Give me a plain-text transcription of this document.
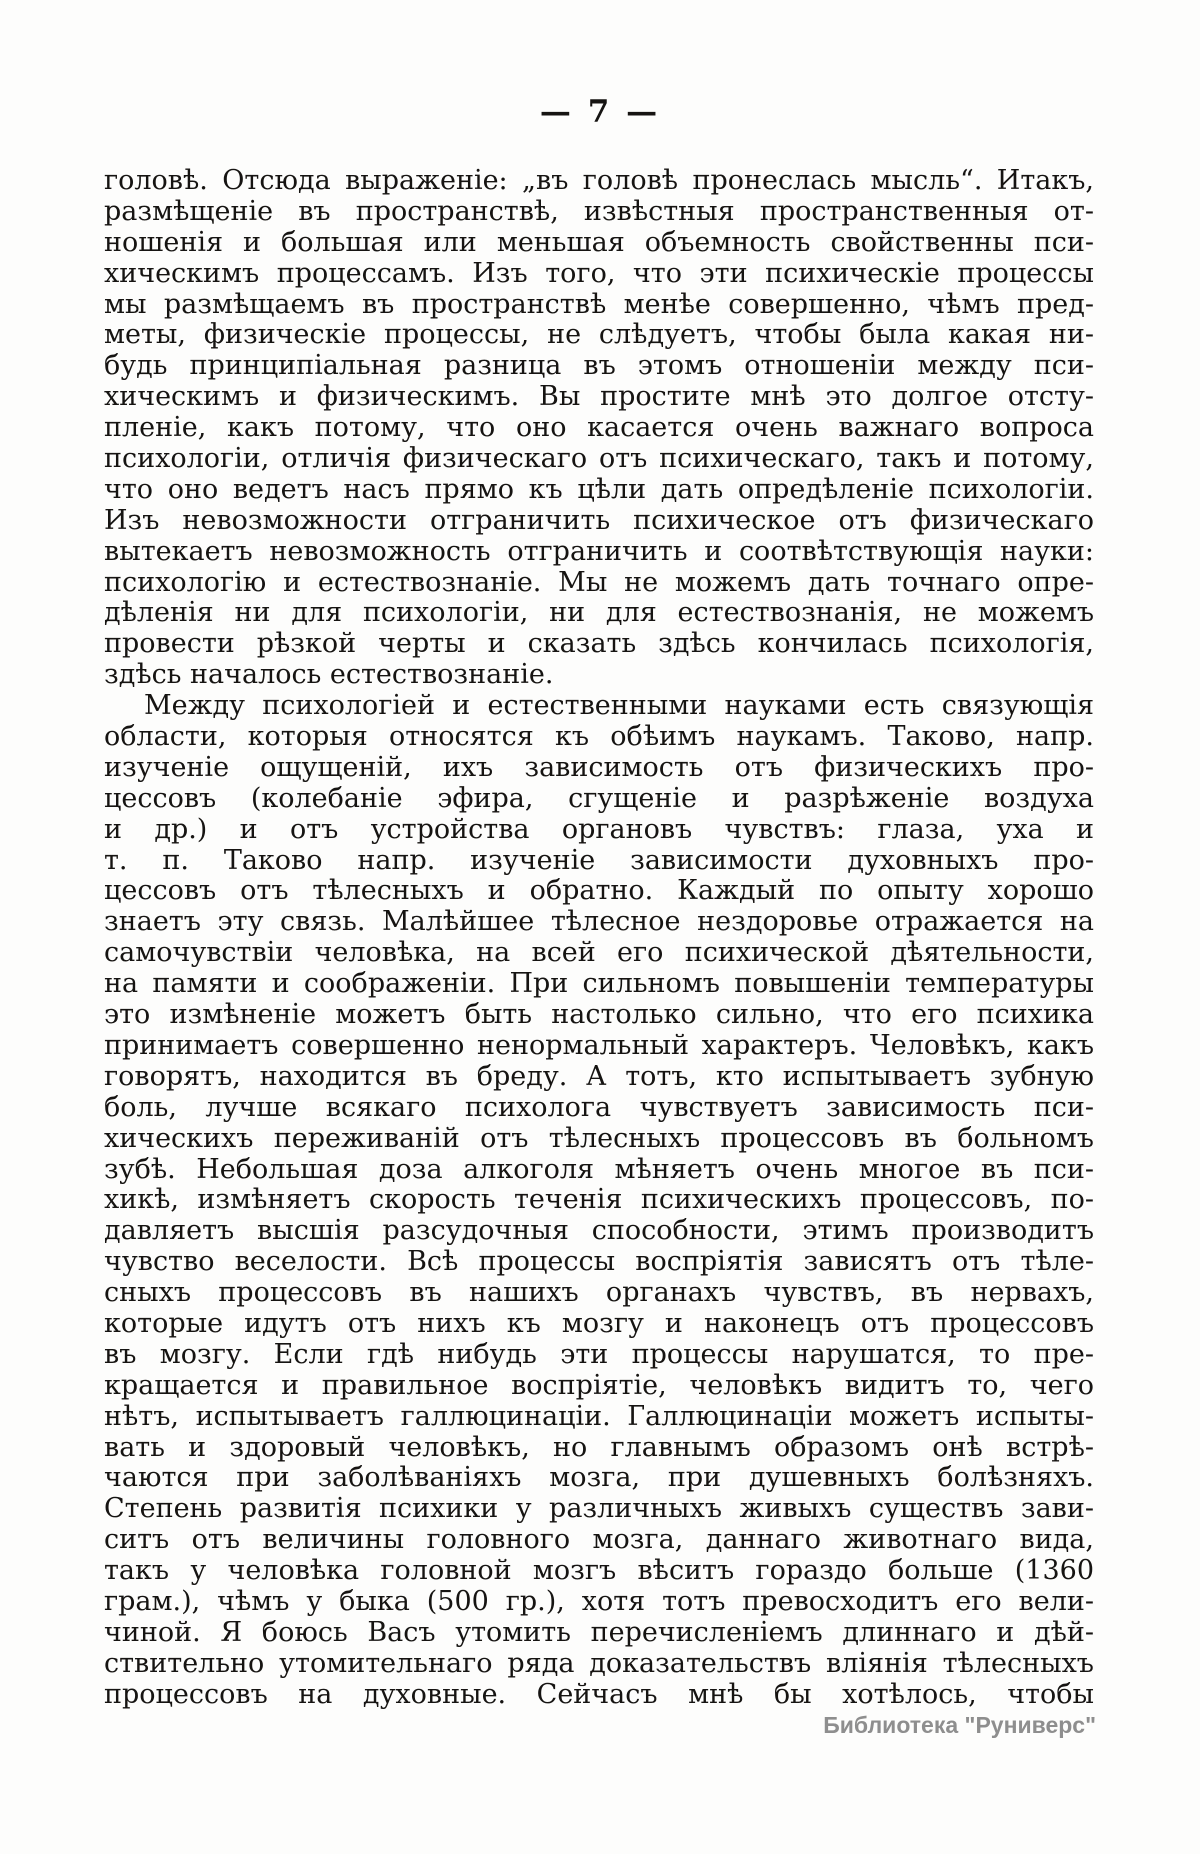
— 7 —
головѣ. Отсюда выраженіе: „въ головѣ пронеслась мысль“. Итакъ,
размѣщеніе въ пространствѣ, извѣстныя пространственныя от-
ношенія и большая или меньшая объемность свойственны пси-
хическимъ процессамъ. Изъ того, что эти психическіе процессы
мы размѣщаемъ въ пространствѣ менѣе совершенно, чѣмъ пред-
меты, физическіе процессы, не слѣдуетъ, чтобы была какая ни-
будь принципіальная разница въ этомъ отношеніи между пси-
хическимъ и физическимъ. Вы простите мнѣ это долгое отсту-
пленіе, какъ потому, что оно касается очень важнаго вопроса
психологіи, отличія физическаго отъ психическаго, такъ и потому,
что оно ведетъ насъ прямо къ цѣли дать опредѣленіе психологіи.
Изъ невозможности отграничить психическое отъ физическаго
вытекаетъ невозможность отграничить и соотвѣтствующія науки:
психологію и естествознаніе. Мы не можемъ дать точнаго опре-
дѣленія ни для психологіи, ни для естествознанія, не можемъ
провести рѣзкой черты и сказать здѣсь кончилась психологія,
здѣсь началось естествознаніе.
Между психологіей и естественными науками есть связующія
области, которыя относятся къ обѣимъ наукамъ. Таково, напр.
изученіе ощущеній, ихъ зависимость отъ физическихъ про-
цессовъ (колебаніе эфира, сгущеніе и разрѣженіе воздуха
и др.) и отъ устройства органовъ чувствъ: глаза, уха и
т. п. Таково напр. изученіе зависимости духовныхъ про-
цессовъ отъ тѣлесныхъ и обратно. Каждый по опыту хорошо
знаетъ эту связь. Малѣйшее тѣлесное нездоровье отражается на
самочувствіи человѣка, на всей его психической дѣятельности,
на памяти и соображеніи. При сильномъ повышеніи температуры
это измѣненіе можетъ быть настолько сильно, что его психика
принимаетъ совершенно ненормальный характеръ. Человѣкъ, какъ
говорятъ, находится въ бреду. А тотъ, кто испытываетъ зубную
боль, лучше всякаго психолога чувствуетъ зависимость пси-
хическихъ переживаній отъ тѣлесныхъ процессовъ въ больномъ
зубѣ. Небольшая доза алкоголя мѣняетъ очень многое въ пси-
хикѣ, измѣняетъ скорость теченія психическихъ процессовъ, по-
давляетъ высшія разсудочныя способности, этимъ производитъ
чувство веселости. Всѣ процессы воспріятія зависятъ отъ тѣле-
сныхъ процессовъ въ нашихъ органахъ чувствъ, въ нервахъ,
которые идутъ отъ нихъ къ мозгу и наконецъ отъ процессовъ
въ мозгу. Если гдѣ нибудь эти процессы нарушатся, то пре-
кращается и правильное воспріятіе, человѣкъ видитъ то, чего
нѣтъ, испытываетъ галлюцинаціи. Галлюцинаціи можетъ испыты-
вать и здоровый человѣкъ, но главнымъ образомъ онѣ встрѣ-
чаются при заболѣваніяхъ мозга, при душевныхъ болѣзняхъ.
Степень развитія психики у различныхъ живыхъ существъ зави-
ситъ отъ величины головного мозга, даннаго животнаго вида,
такъ у человѣка головной мозгъ вѣситъ гораздо больше (1360
грам.), чѣмъ у быка (500 гр.), хотя тотъ превосходитъ его вели-
чиной. Я боюсь Васъ утомить перечисленіемъ длиннаго и дѣй-
ствительно утомительнаго ряда доказательствъ вліянія тѣлесныхъ
процессовъ на духовные. Сейчасъ мнѣ бы хотѣлось, чтобы
Библиотека "Руниверс"
